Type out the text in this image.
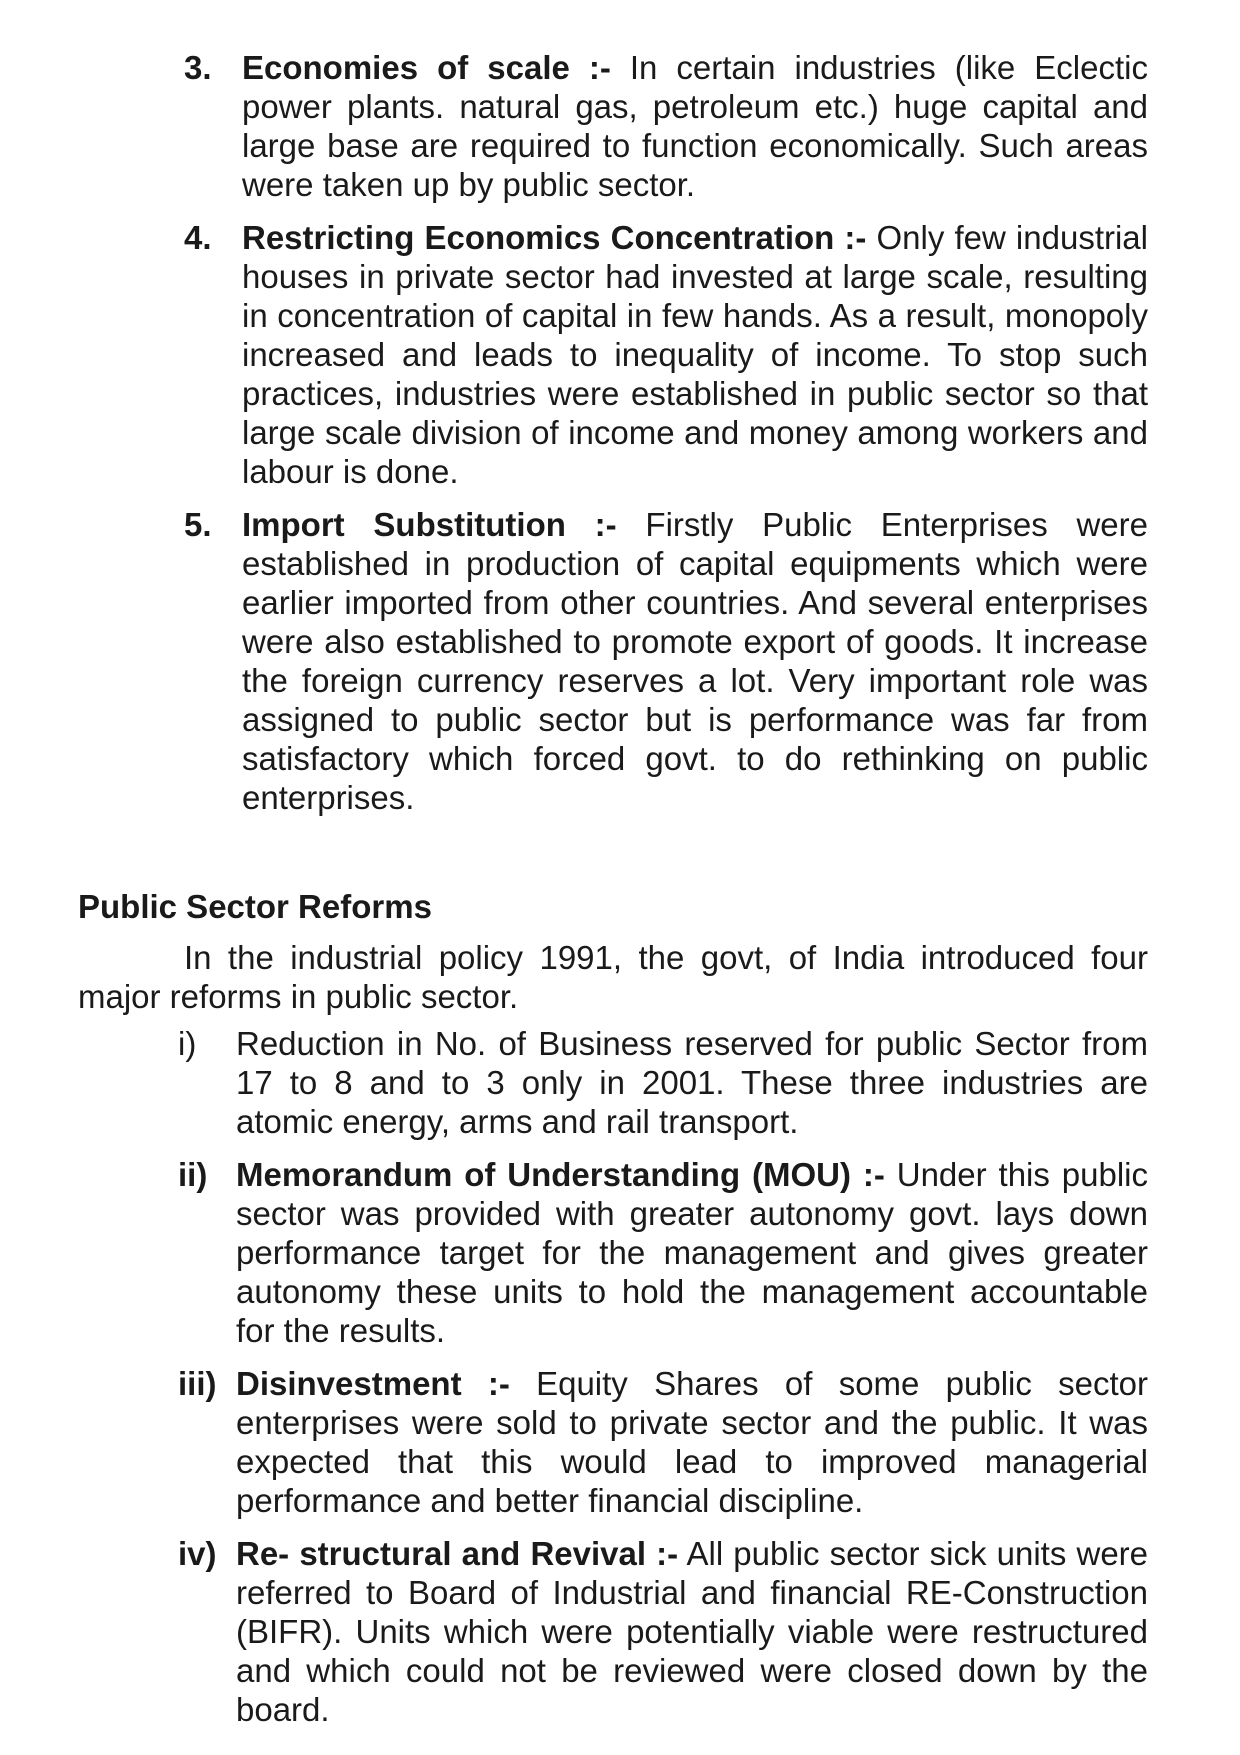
3. Economies of scale :- In certain industries (like Eclectic power plants. natural gas, petroleum etc.) huge capital and large base are required to function economically. Such areas were taken up by public sector.
4. Restricting Economics Concentration :- Only few industrial houses in private sector had invested at large scale, resulting in concentration of capital in few hands. As a result, monopoly increased and leads to inequality of income. To stop such practices, industries were established in public sector so that large scale division of income and money among workers and labour is done.
5. Import Substitution :- Firstly Public Enterprises were established in production of capital equipments which were earlier imported from other countries. And several enterprises were also established to promote export of goods. It increase the foreign currency reserves a lot. Very important role was assigned to public sector but is performance was far from satisfactory which forced govt. to do rethinking on public enterprises.
Public Sector Reforms

In the industrial policy 1991, the govt, of India introduced four major reforms in public sector.

i)	Reduction in No. of Business reserved for public Sector from 17 to 8 and to 3 only in 2001. These three industries are atomic energy, arms and rail transport.
ii) Memorandum of Understanding (MOU) :- Under this public sector was provided with greater autonomy govt. lays down performance target for the management and gives greater autonomy these units to hold the management accountable for the results.
iii) Disinvestment :- Equity Shares of some public sector enterprises were sold to private sector and the public. It was expected that this would lead to improved managerial performance and better financial discipline.
iv) Re- structural and Revival :- All public sector sick units were referred to Board of Industrial and financial RE-Construction (BIFR). Units which were potentially viable were restructured and which could not be reviewed were closed down by the board.
